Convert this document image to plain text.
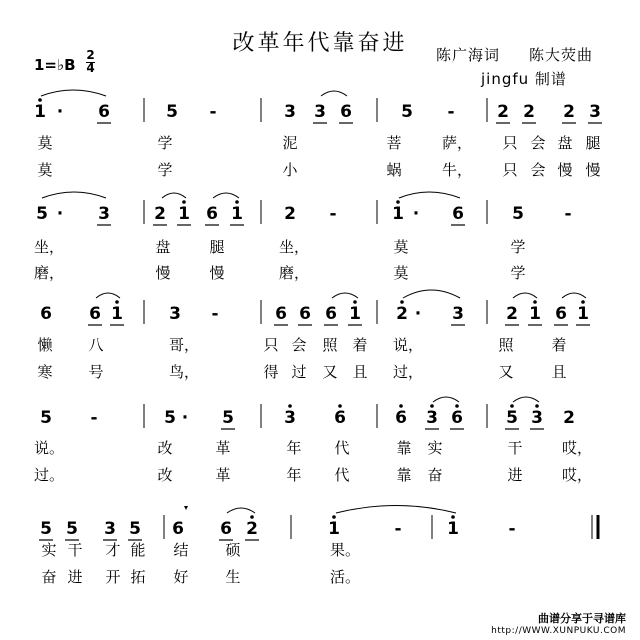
改革年代靠奋进	陈广海词 陈大荧曲
jingfu 制谱
1=♭B
2
4
1 ·	6	5	-	3 3 6	5	-	2 2 2 3
莫	学	泥	菩	萨， 只 会 盘 腿
莫	学	小	蜗	牛， 只 会 慢 慢
5 ·	3	2 1 6 1 2	-	1 ·	6	5	-
坐，	盘	腿	坐，	莫	学
磨，	慢	慢	磨，	莫	学
6 6 1	3	-	6 6 6 1 2 ·	3 2 1 6 1
懒 八	哥，	只 会 照 着 说，	照	着
寒 号	鸟，	得 过 又 且 过，	又	且
5	-	5 ·	5	3 6	6 3 6	5 3 2
说。	改	革	年 代	靠 实	干	哎，
过。	改	革	年 代	靠 奋	进	哎，
5 5 3 5 6 6 2	1	-	1	-
实 干 才 能 结 硕	果。
奋 进 开 拓 好 生	活。
曲谱分享于寻谱库
http://WWW.XUNPUKU.COM
